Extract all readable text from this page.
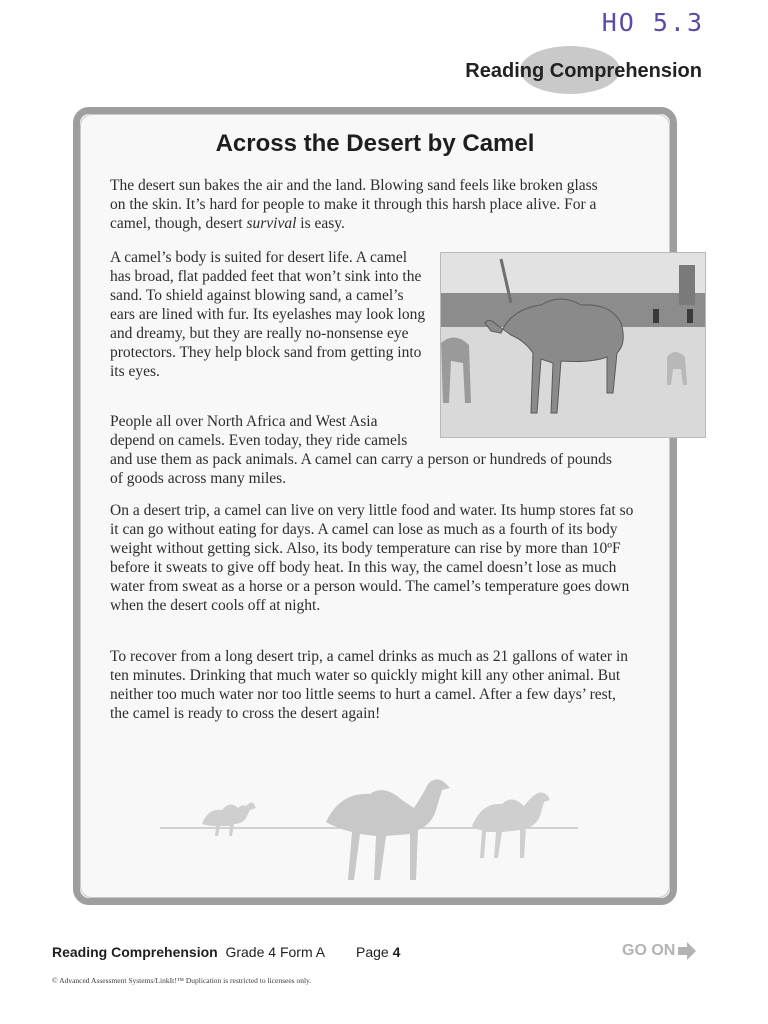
HO 5.3
Reading Comprehension
Across the Desert by Camel

The desert sun bakes the air and the land. Blowing sand feels like broken glass on the skin. It’s hard for people to make it through this harsh place alive. For a camel, though, desert survival is easy.

A camel’s body is suited for desert life. A camel has broad, flat padded feet that won’t sink into the sand. To shield against blowing sand, a camel’s ears are lined with fur. Its eyelashes may look long and dreamy, but they are really no-nonsense eye protectors. They help block sand from getting into its eyes.

People all over North Africa and West Asia depend on camels. Even today, they ride camels and use them as pack animals. A camel can carry a person or hundreds of pounds of goods across many miles.

On a desert trip, a camel can live on very little food and water. Its hump stores fat so it can go without eating for days. A camel can lose as much as a fourth of its body weight without getting sick. Also, its body temperature can rise by more than 10ºF before it sweats to give off body heat. In this way, the camel doesn’t lose as much water from sweat as a horse or a person would. The camel’s temperature goes down when the desert cools off at night.

To recover from a long desert trip, a camel drinks as much as 21 gallons of water in ten minutes. Drinking that much water so quickly might kill any other animal. But neither too much water nor too little seems to hurt a camel. After a few days’ rest, the camel is ready to cross the desert again!

Reading Comprehension Grade 4 Form A Page 4	GO ON
© Advanced Assessment Systems/LinkIt!™ Duplication is restricted to licensees only.
